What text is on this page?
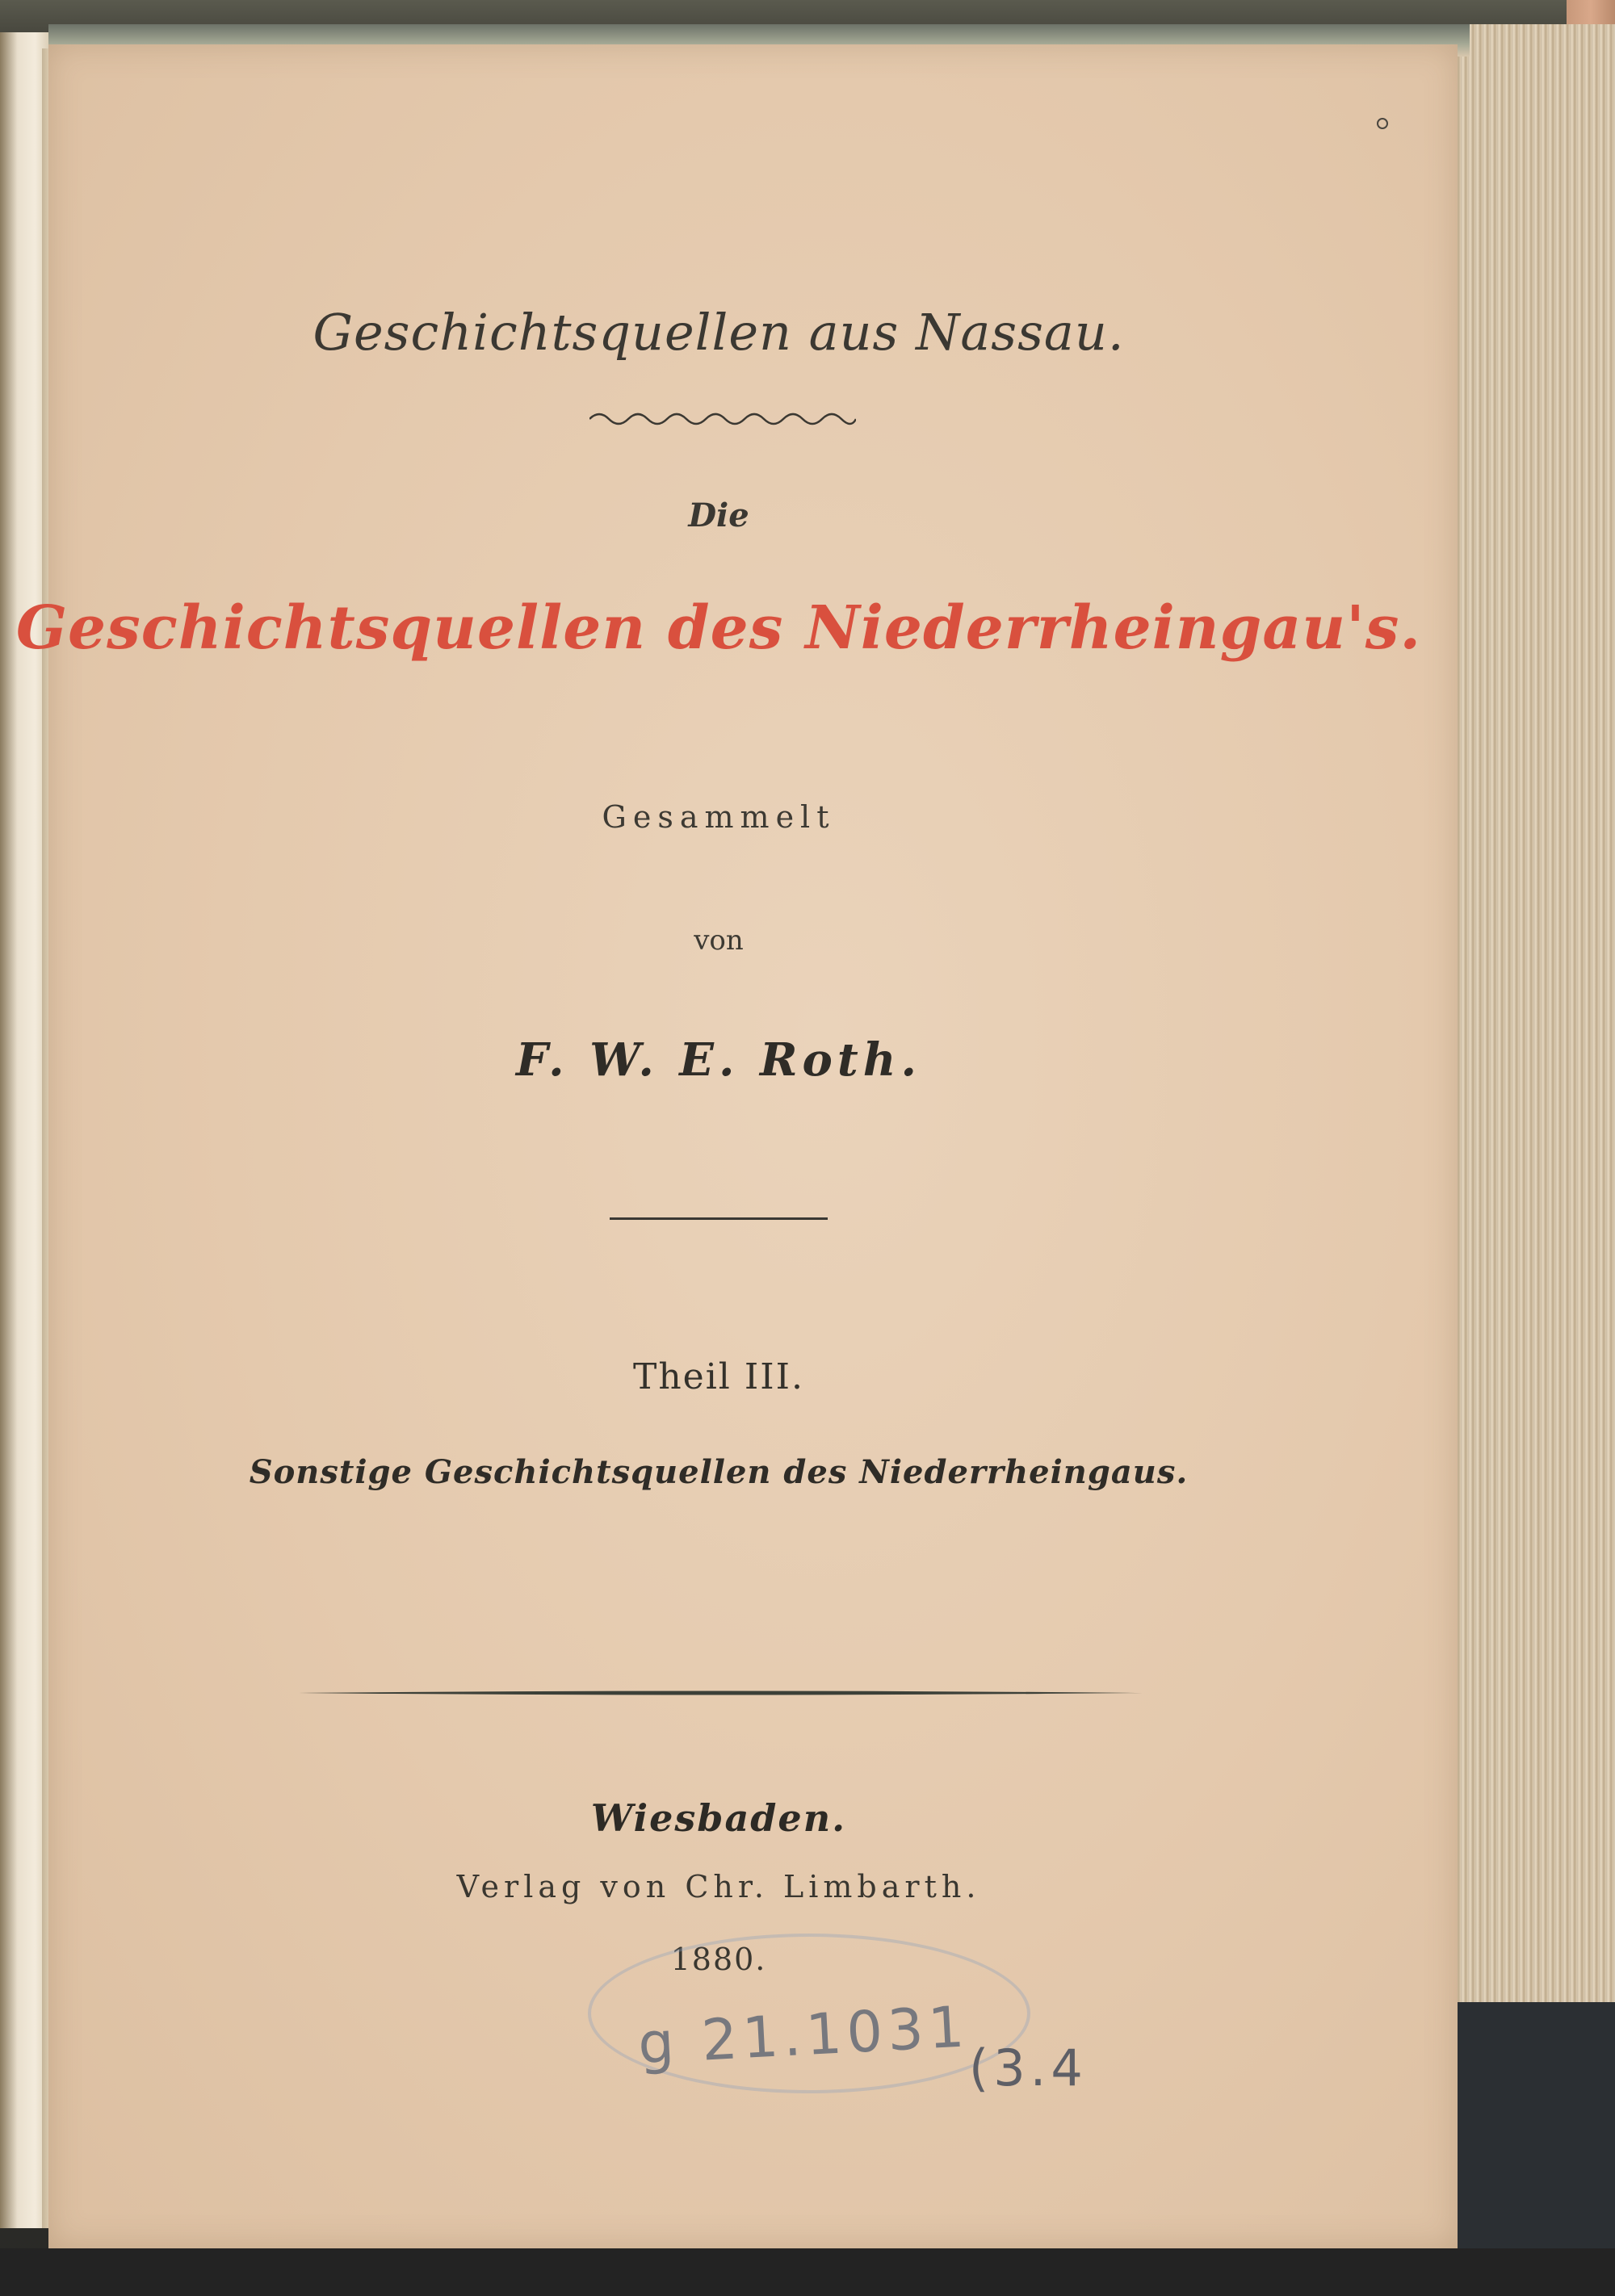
Geschichtsquellen aus Nassau.
Die
Geschichtsquellen des Niederrheingau's.
Gesammelt
von
F. W. E. Roth.
Theil III.
Sonstige Geschichtsquellen des Niederrheingaus.
Wiesbaden.
Verlag von Chr. Limbarth.
1880.
g 21.1031
(3.4
